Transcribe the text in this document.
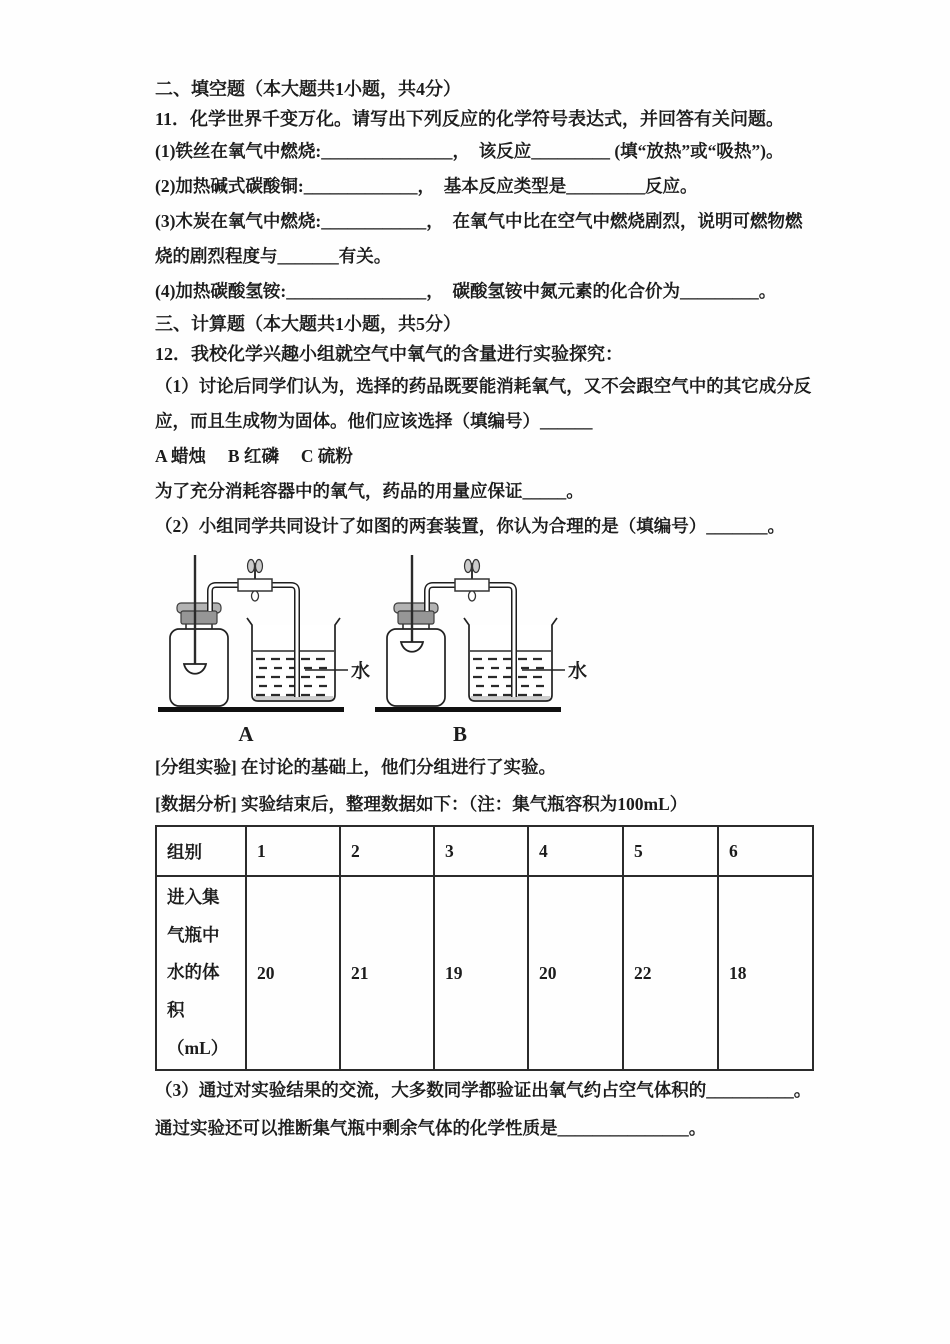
二、填空题（本大题共1小题，共4分）
11．化学世界千变万化。请写出下列反应的化学符号表达式，并回答有关问题。
(1)铁丝在氧气中燃烧:_______________，  该反应_________ (填“放热”或“吸热”)。
(2)加热碱式碳酸铜:_____________，  基本反应类型是_________反应。
(3)木炭在氧气中燃烧:____________，  在氧气中比在空气中燃烧剧烈，说明可燃物燃
烧的剧烈程度与_______有关。
(4)加热碳酸氢铵:________________，  碳酸氢铵中氮元素的化合价为_________。
三、计算题（本大题共1小题，共5分）
12．我校化学兴趣小组就空气中氧气的含量进行实验探究：
（1）讨论后同学们认为，选择的药品既要能消耗氧气，又不会跟空气中的其它成分反
应，而且生成物为固体。他们应该选择（填编号）______
A 蜡烛     B 红磷     C 硫粉
为了充分消耗容器中的氧气，药品的用量应保证_____。
（2）小组同学共同设计了如图的两套装置，你认为合理的是（填编号）_______。
水
A
水
B
[分组实验] 在讨论的基础上，他们分组进行了实验。
[数据分析] 实验结束后，整理数据如下：（注：集气瓶容积为100mL）
组别	1	2	3	4	5	6
进入集气瓶中水的体积 （mL）	20	21	19	20	22	18
（3）通过对实验结果的交流，大多数同学都验证出氧气约占空气体积的__________。
通过实验还可以推断集气瓶中剩余气体的化学性质是_______________。
